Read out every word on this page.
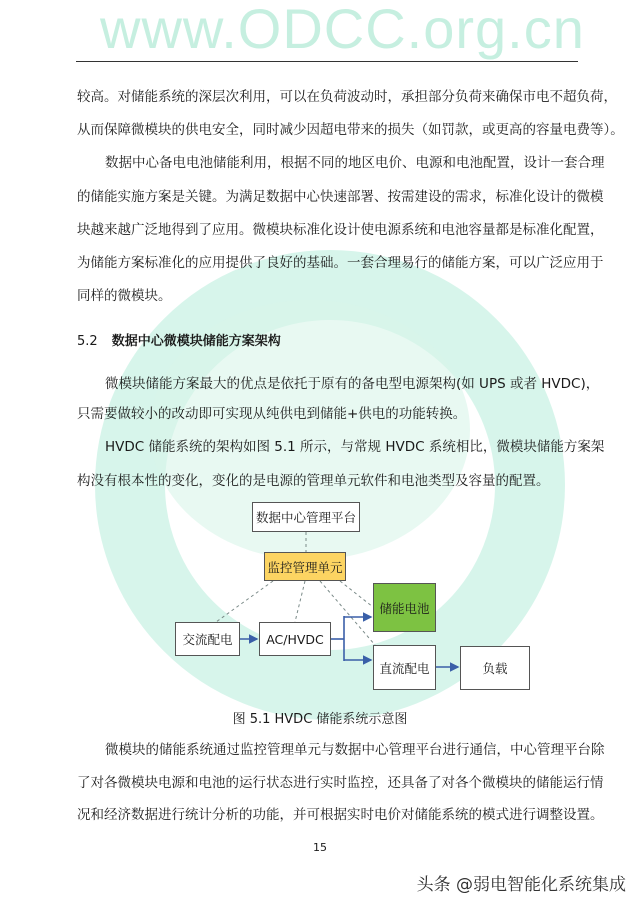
www.ODCC.org.cn
较高。对储能系统的深层次利用，可以在负荷波动时，承担部分负荷来确保市电不超负荷，
从而保障微模块的供电安全，同时减少因超电带来的损失（如罚款，或更高的容量电费等）。
数据中心备电电池储能利用，根据不同的地区电价、电源和电池配置，设计一套合理
的储能实施方案是关键。为满足数据中心快速部署、按需建设的需求，标准化设计的微模
块越来越广泛地得到了应用。微模块标准化设计使电源系统和电池容量都是标准化配置，
为储能方案标准化的应用提供了良好的基础。一套合理易行的储能方案，可以广泛应用于
同样的微模块。
5.2 数据中心微模块储能方案架构
微模块储能方案最大的优点是依托于原有的备电型电源架构(如 UPS 或者 HVDC)，
只需要做较小的改动即可实现从纯供电到储能+供电的功能转换。
HVDC 储能系统的架构如图 5.1 所示，与常规 HVDC 系统相比，微模块储能方案架
构没有根本性的变化，变化的是电源的管理单元软件和电池类型及容量的配置。
数据中心管理平台
监控管理单元
储能电池
交流配电	AC/HVDC
直流配电	负载
图 5.1 HVDC 储能系统示意图
微模块的储能系统通过监控管理单元与数据中心管理平台进行通信，中心管理平台除
了对各微模块电源和电池的运行状态进行实时监控，还具备了对各个微模块的储能运行情
况和经济数据进行统计分析的功能，并可根据实时电价对储能系统的模式进行调整设置。
15
头条 @弱电智能化系统集成
